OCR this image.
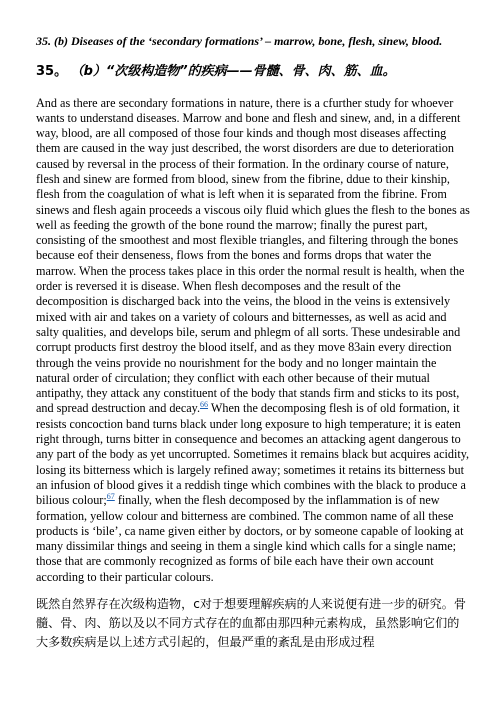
35. (b) Diseases of the ‘secondary formations’ – marrow, bone, flesh, sinew, blood.

35。 （b）“次级构造物”的疾病——骨髓、骨、肉、筋、血。

And as there are secondary formations in nature, there is a cfurther study for whoever wants to understand diseases. Marrow and bone and flesh and sinew, and, in a different way, blood, are all composed of those four kinds and though most diseases affecting them are caused in the way just described, the worst disorders are due to deterioration caused by reversal in the process of their formation. In the ordinary course of nature, flesh and sinew are formed from blood, sinew from the fibrine, ddue to their kinship, flesh from the coagulation of what is left when it is separated from the fibrine. From sinews and flesh again proceeds a viscous oily fluid which glues the flesh to the bones as well as feeding the growth of the bone round the marrow; finally the purest part, consisting of the smoothest and most flexible triangles, and filtering through the bones because eof their denseness, flows from the bones and forms drops that water the marrow. When the process takes place in this order the normal result is health, when the order is reversed it is disease. When flesh decomposes and the result of the decomposition is discharged back into the veins, the blood in the veins is extensively mixed with air and takes on a variety of colours and bitternesses, as well as acid and salty qualities, and develops bile, serum and phlegm of all sorts. These undesirable and corrupt products first destroy the blood itself, and as they move 83ain every direction through the veins provide no nourishment for the body and no longer maintain the natural order of circulation; they conflict with each other because of their mutual antipathy, they attack any constituent of the body that stands firm and sticks to its post, and spread destruction and decay.$^{66}$ When the decomposing flesh is of old formation, it resists concoction band turns black under long exposure to high temperature; it is eaten right through, turns bitter in consequence and becomes an attacking agent dangerous to any part of the body as yet uncorrupted. Sometimes it remains black but acquires acidity, losing its bitterness which is largely refined away; sometimes it retains its bitterness but an infusion of blood gives it a reddish tinge which combines with the black to produce a bilious colour;$^{67}$ finally, when the flesh decomposed by the inflammation is of new formation, yellow colour and bitterness are combined. The common name of all these products is ‘bile’, ca name given either by doctors, or by someone capable of looking at many dissimilar things and seeing in them a single kind which calls for a single name; those that are commonly recognized as forms of bile each have their own account according to their particular colours.

既然自然界存在次级构造物，c对于想要理解疾病的人来说便有进一步的研究。骨髓、骨、肉、筋以及以不同方式存在的血都由那四种元素构成，虽然影响它们的大多数疾病是以上述方式引起的，但最严重的紊乱是由形成过程
